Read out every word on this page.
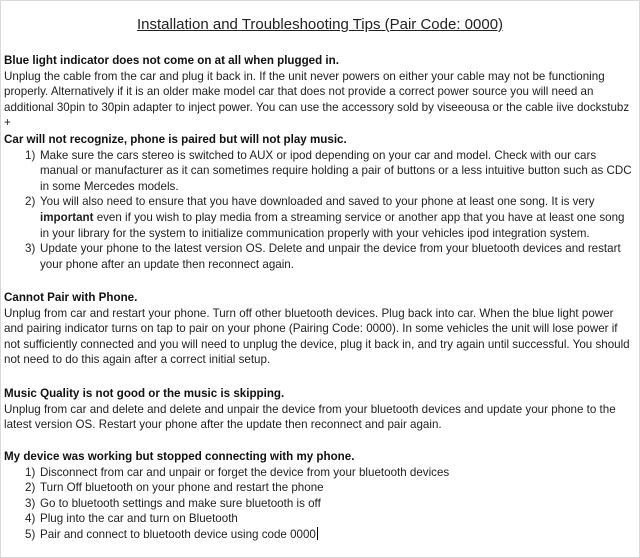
Installation and Troubleshooting Tips (Pair Code: 0000)
Blue light indicator does not come on at all when plugged in.
Unplug the cable from the car and plug it back in. If the unit never powers on either your cable may not be functioning properly. Alternatively if it is an older make model car that does not provide a correct power source you will need an additional 30pin to 30pin adapter to inject power. You can use the accessory sold by viseeousa or the cable iive dockstubz +
Car will not recognize, phone is paired but will not play music.
1) Make sure the cars stereo is switched to AUX or ipod depending on your car and model. Check with our cars manual or manufacturer as it can sometimes require holding a pair of buttons or a less intuitive button such as CDC in some Mercedes models.
2) You will also need to ensure that you have downloaded and saved to your phone at least one song. It is very important even if you wish to play media from a streaming service or another app that you have at least one song in your library for the system to initialize communication properly with your vehicles ipod integration system.
3) Update your phone to the latest version OS. Delete and unpair the device from your bluetooth devices and restart your phone after an update then reconnect again.
Cannot Pair with Phone.
Unplug from car and restart your phone. Turn off other bluetooth devices. Plug back into car. When the blue light power and pairing indicator turns on tap to pair on your phone (Pairing Code: 0000). In some vehicles the unit will lose power if not sufficiently connected and you will need to unplug the device, plug it back in, and try again until successful. You should not need to do this again after a correct initial setup.
Music Quality is not good or the music is skipping.
Unplug from car and delete and delete and unpair the device from your bluetooth devices and update your phone to the latest version OS. Restart your phone after the update then reconnect and pair again.
My device was working but stopped connecting with my phone.
1) Disconnect from car and unpair or forget the device from your bluetooth devices
2) Turn Off bluetooth on your phone and restart the phone
3) Go to bluetooth settings and make sure bluetooth is off
4) Plug into the car and turn on Bluetooth
5) Pair and connect to bluetooth device using code 0000
